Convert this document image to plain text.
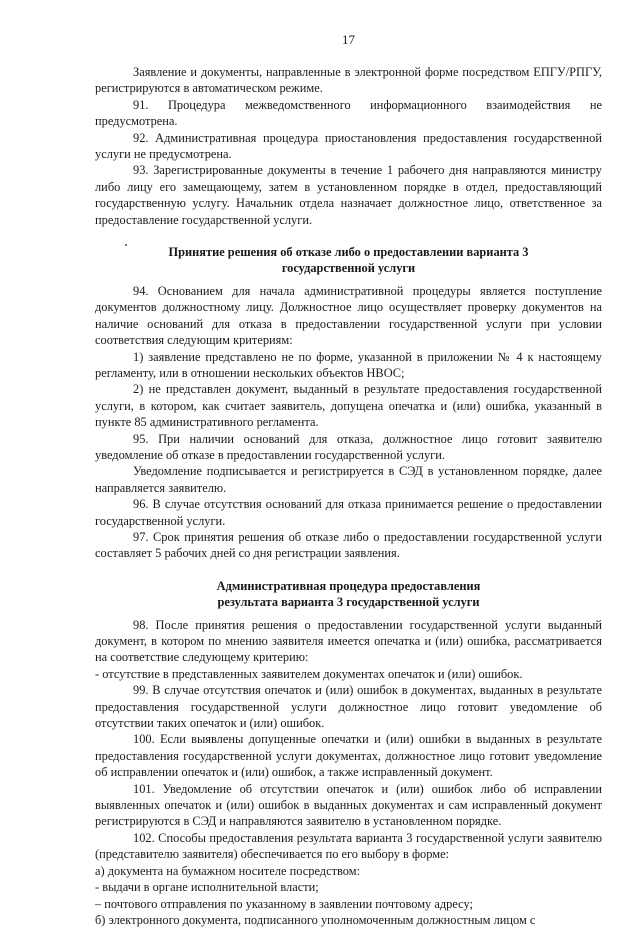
17

Заявление и документы, направленные в электронной форме посредством ЕПГУ/РПГУ, регистрируются в автоматическом режиме.

91. Процедура межведомственного информационного взаимодействия не предусмотрена.

92. Административная процедура приостановления предоставления государственной услуги не предусмотрена.

93. Зарегистрированные документы в течение 1 рабочего дня направляются министру либо лицу его замещающему, затем в установленном порядке в отдел, предоставляющий государственную услугу. Начальник отдела назначает должностное лицо, ответственное за предоставление государственной услуги.

Принятие решения об отказе либо о предоставлении варианта 3

государственной услуги

94. Основанием для начала административной процедуры является поступление документов должностному лицу. Должностное лицо осуществляет проверку документов на наличие оснований для отказа в предоставлении государственной услуги при условии соответствия следующим критериям:

1) заявление представлено не по форме, указанной в приложении № 4 к настоящему регламенту, или в отношении нескольких объектов НВОС;

2) не представлен документ, выданный в результате предоставления государственной услуги, в котором, как считает заявитель, допущена опечатка и (или) ошибка, указанный в пункте 85 административного регламента.

95. При наличии оснований для отказа, должностное лицо готовит заявителю уведомление об отказе в предоставлении государственной услуги.

Уведомление подписывается и регистрируется в СЭД в установленном порядке, далее направляется заявителю.

96. В случае отсутствия оснований для отказа принимается решение о предоставлении государственной услуги.

97. Срок принятия решения об отказе либо о предоставлении государственной услуги составляет 5 рабочих дней со дня регистрации заявления.

Административная процедура предоставления

результата варианта 3 государственной услуги

98. После принятия решения о предоставлении государственной услуги выданный документ, в котором по мнению заявителя имеется опечатка и (или) ошибка, рассматривается на соответствие следующему критерию:

- отсутствие в представленных заявителем документах опечаток и (или) ошибок.

99. В случае отсутствия опечаток и (или) ошибок в документах, выданных в результате предоставления государственной услуги должностное лицо готовит уведомление об отсутствии таких опечаток и (или) ошибок.

100. Если выявлены допущенные опечатки и (или) ошибки в выданных в результате предоставления государственной услуги документах, должностное лицо готовит уведомление об исправлении опечаток и (или) ошибок, а также исправленный документ.

101. Уведомление об отсутствии опечаток и (или) ошибок либо об исправлении выявленных опечаток и (или) ошибок в выданных документах и сам исправленный документ регистрируются в СЭД и направляются заявителю в установленном порядке.

102. Способы предоставления результата варианта 3 государственной услуги заявителю (представителю заявителя) обеспечивается по его выбору в форме:

а) документа на бумажном носителе посредством:

- выдачи в органе исполнительной власти;

– почтового отправления по указанному в заявлении почтовому адресу;

б) электронного документа, подписанного уполномоченным должностным лицом с
